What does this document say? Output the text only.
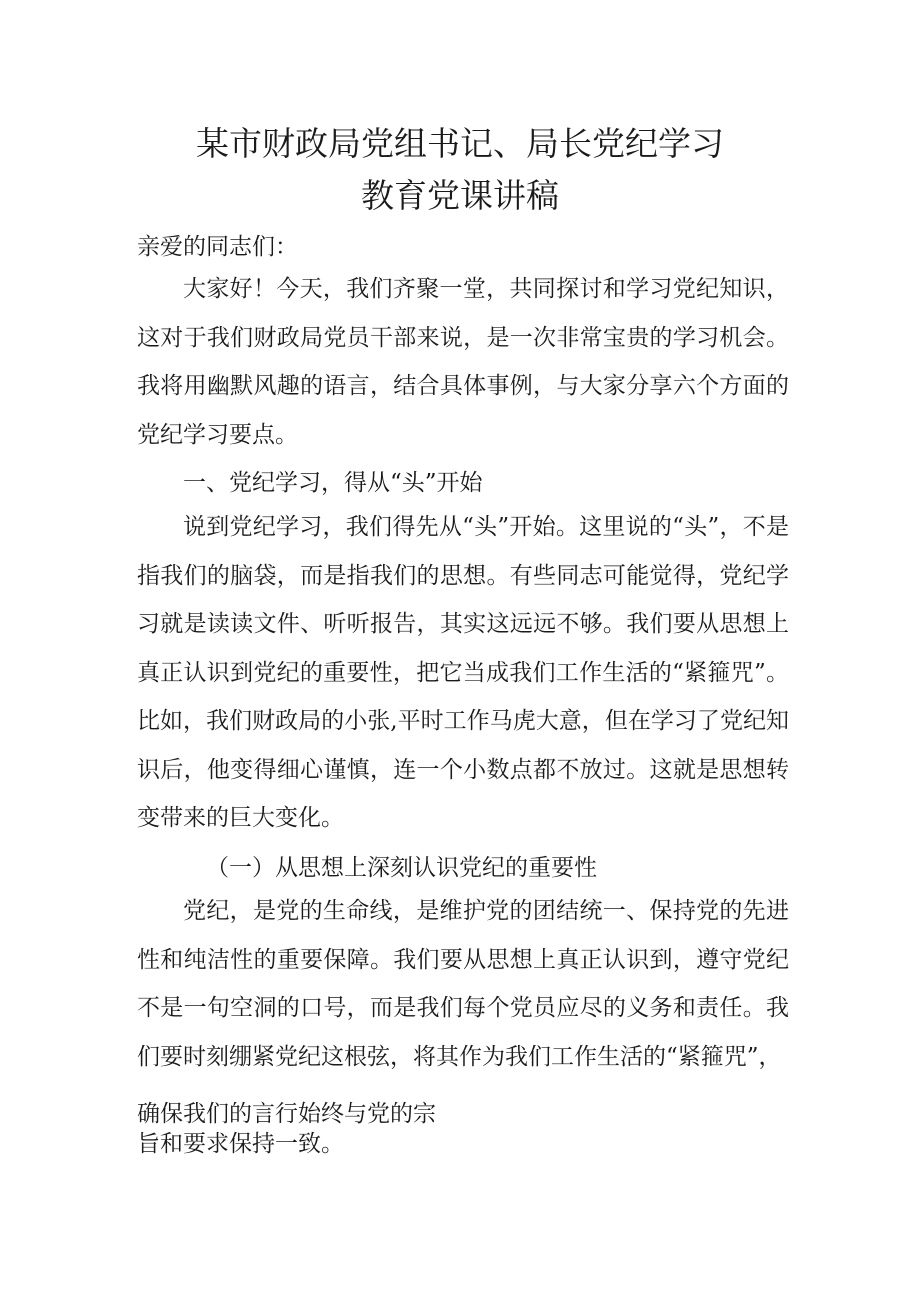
某市财政局党组书记、局长党纪学习
教育党课讲稿

亲爱的同志们：

大家好！今天，我们齐聚一堂，共同探讨和学习党纪知识，这对于我们财政局党员干部来说，是一次非常宝贵的学习机会。我将用幽默风趣的语言，结合具体事例，与大家分享六个方面的党纪学习要点。

一、党纪学习，得从“头”开始

说到党纪学习，我们得先从“头”开始。这里说的“头”，不是指我们的脑袋，而是指我们的思想。有些同志可能觉得，党纪学习就是读读文件、听听报告，其实这远远不够。我们要从思想上真正认识到党纪的重要性，把它当成我们工作生活的“紧箍咒”。比如，我们财政局的小张,平时工作马虎大意，但在学习了党纪知识后，他变得细心谨慎，连一个小数点都不放过。这就是思想转变带来的巨大变化。

（一）从思想上深刻认识党纪的重要性

党纪，是党的生命线，是维护党的团结统一、保持党的先进性和纯洁性的重要保障。我们要从思想上真正认识到，遵守党纪不是一句空洞的口号，而是我们每个党员应尽的义务和责任。我们要时刻绷紧党纪这根弦，将其作为我们工作生活的“紧箍咒”，

确保我们的言行始终与党的宗

旨和要求保持一致。
